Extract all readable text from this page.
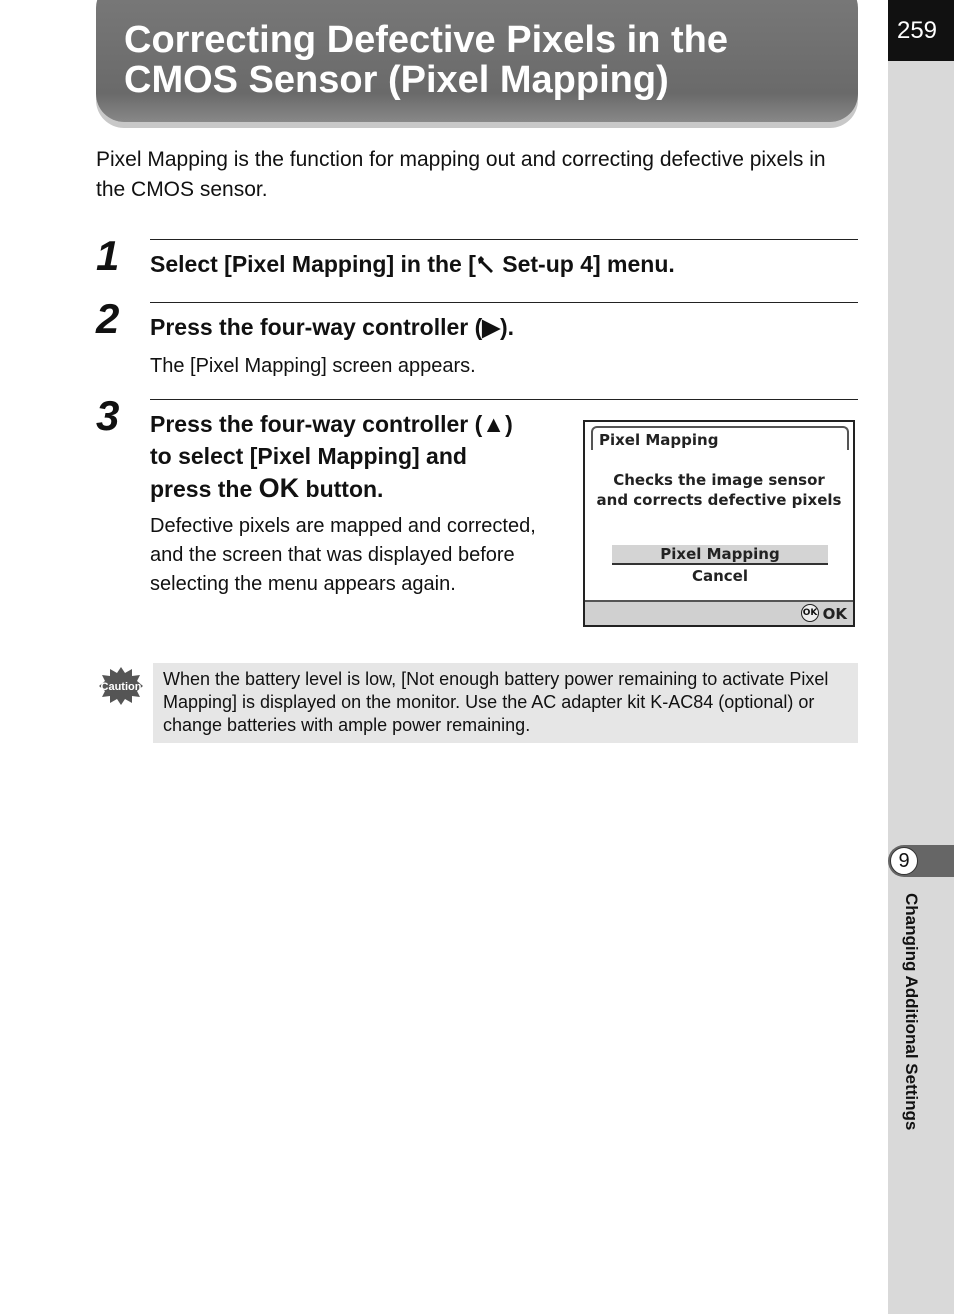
259
9
Changing Additional Settings
Correcting Defective Pixels in the
CMOS Sensor (Pixel Mapping)

Pixel Mapping is the function for mapping out and correcting defective pixels in the CMOS sensor.

1 Select [Pixel Mapping] in the [ Set-up 4] menu.

2 Press the four-way controller (▶).

The [Pixel Mapping] screen appears.

3 Press the four-way controller (▲)
to select [Pixel Mapping] and
press the OK button.

Defective pixels are mapped and corrected, and the screen that was displayed before selecting the menu appears again.

Pixel Mapping
Checks the image sensor
and corrects defective pixels
Pixel Mapping
Cancel
OK OK
Caution	When the battery level is low, [Not enough battery power remaining to activate Pixel Mapping] is displayed on the monitor. Use the AC adapter kit K-AC84 (optional) or change batteries with ample power remaining.
